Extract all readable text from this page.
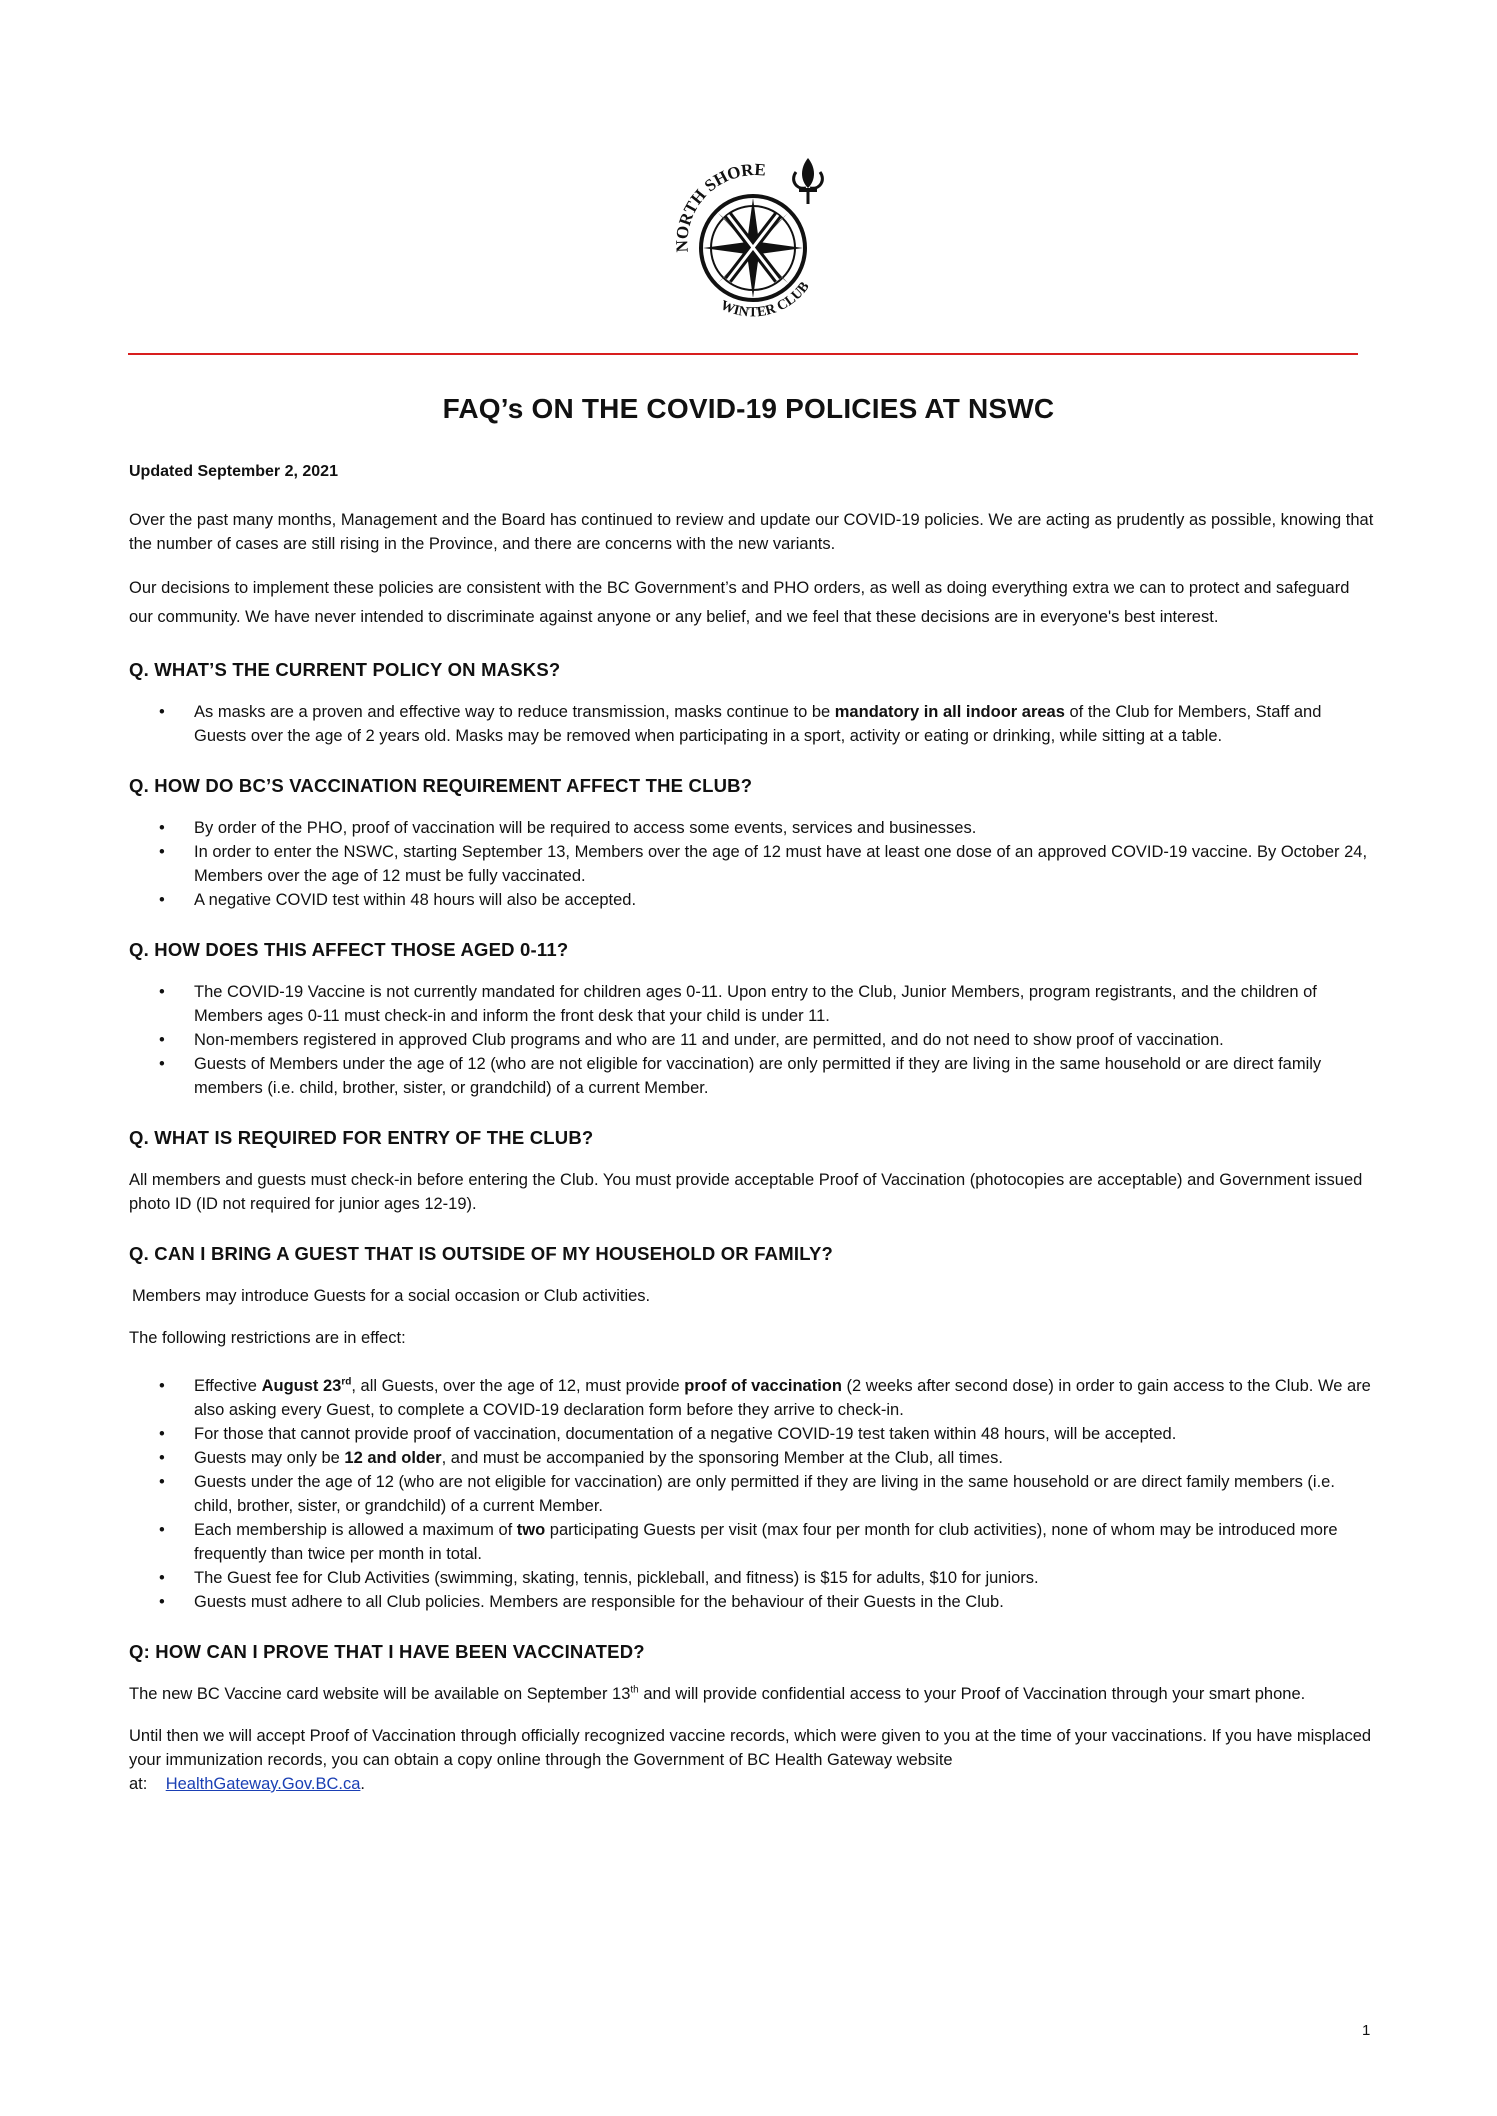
NORTH SHORE
WINTER CLUB
FAQ’s ON THE COVID-19 POLICIES AT NSWC
Updated September 2, 2021

Over the past many months, Management and the Board has continued to review and update our COVID-19 policies. We are acting as prudently as possible, knowing that the number of cases are still rising in the Province, and there are concerns with the new variants.

Our decisions to implement these policies are consistent with the BC Government’s and PHO orders, as well as doing everything extra we can to protect and safeguard our community. We have never intended to discriminate against anyone or any belief, and we feel that these decisions are in everyone's best interest.

Q. WHAT’S THE CURRENT POLICY ON MASKS?
• As masks are a proven and effective way to reduce transmission, masks continue to be mandatory in all indoor areas of the Club for Members, Staff and Guests over the age of 2 years old. Masks may be removed when participating in a sport, activity or eating or drinking, while sitting at a table.
Q. HOW DO BC’S VACCINATION REQUIREMENT AFFECT THE CLUB?
• By order of the PHO, proof of vaccination will be required to access some events, services and businesses.
• In order to enter the NSWC, starting September 13, Members over the age of 12 must have at least one dose of an approved COVID-19 vaccine. By October 24, Members over the age of 12 must be fully vaccinated.
• A negative COVID test within 48 hours will also be accepted.
Q. HOW DOES THIS AFFECT THOSE AGED 0-11?
• The COVID-19 Vaccine is not currently mandated for children ages 0-11. Upon entry to the Club, Junior Members, program registrants, and the children of Members ages 0-11 must check-in and inform the front desk that your child is under 11.
• Non-members registered in approved Club programs and who are 11 and under, are permitted, and do not need to show proof of vaccination.
• Guests of Members under the age of 12 (who are not eligible for vaccination) are only permitted if they are living in the same household or are direct family members (i.e. child, brother, sister, or grandchild) of a current Member.
Q. WHAT IS REQUIRED FOR ENTRY OF THE CLUB?

All members and guests must check-in before entering the Club. You must provide acceptable Proof of Vaccination (photocopies are acceptable) and Government issued photo ID (ID not required for junior ages 12-19).

Q. CAN I BRING A GUEST THAT IS OUTSIDE OF MY HOUSEHOLD OR FAMILY?

Members may introduce Guests for a social occasion or Club activities.

The following restrictions are in effect:

• Effective August 23rd, all Guests, over the age of 12, must provide proof of vaccination (2 weeks after second dose) in order to gain access to the Club. We are also asking every Guest, to complete a COVID-19 declaration form before they arrive to check-in.
• For those that cannot provide proof of vaccination, documentation of a negative COVID-19 test taken within 48 hours, will be accepted.
• Guests may only be 12 and older, and must be accompanied by the sponsoring Member at the Club, all times.
• Guests under the age of 12 (who are not eligible for vaccination) are only permitted if they are living in the same household or are direct family members (i.e. child, brother, sister, or grandchild) of a current Member.
• Each membership is allowed a maximum of two participating Guests per visit (max four per month for club activities), none of whom may be introduced more frequently than twice per month in total.
• The Guest fee for Club Activities (swimming, skating, tennis, pickleball, and fitness) is $15 for adults, $10 for juniors.
• Guests must adhere to all Club policies. Members are responsible for the behaviour of their Guests in the Club.
Q: HOW CAN I PROVE THAT I HAVE BEEN VACCINATED?

The new BC Vaccine card website will be available on September 13th and will provide confidential access to your Proof of Vaccination through your smart phone.

Until then we will accept Proof of Vaccination through officially recognized vaccine records, which were given to you at the time of your vaccinations. If you have misplaced your immunization records, you can obtain a copy online through the Government of BC Health Gateway website

at:    HealthGateway.Gov.BC.ca.
1
